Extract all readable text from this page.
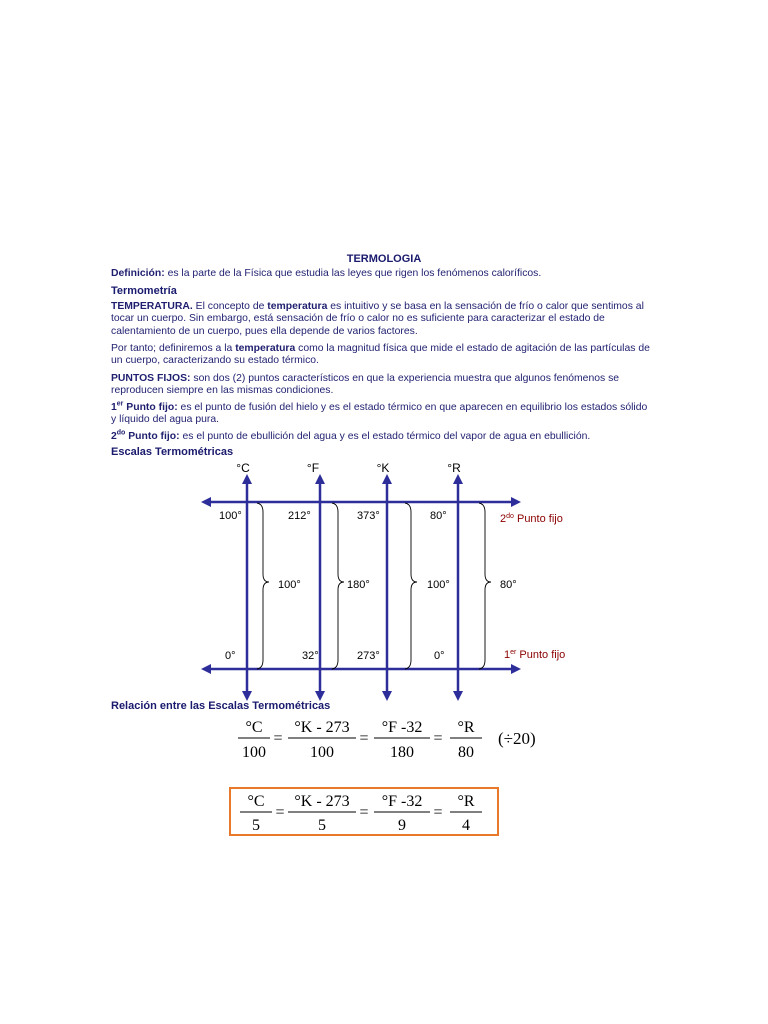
TERMOLOGIA
Definición: es la parte de la Física que estudia las leyes que rigen los fenómenos caloríficos.
Termometría
TEMPERATURA. El concepto de temperatura es intuitivo y se basa en la sensación de frío o calor que sentimos al tocar un cuerpo. Sin embargo, está sensación de frío o calor no es suficiente para caracterizar el estado de calentamiento de un cuerpo, pues ella depende de varios factores.
Por tanto; definiremos a la temperatura como la magnitud física que mide el estado de agitación de las partículas de un cuerpo, caracterizando su estado térmico.
PUNTOS FIJOS: son dos (2) puntos característicos en que la experiencia muestra que algunos fenómenos se reproducen siempre en las mismas condiciones.
1er Punto fijo: es el punto de fusión del hielo y es el estado térmico en que aparecen en equilibrio los estados sólido y líquido del agua pura.
$2^{do}$ Punto fijo: es el punto de ebullición del agua y es el estado térmico del vapor de agua en ebullición.
Escalas Termométricas
°C	°F	°K	°R
100°	212°	373°	80°
100°	180°	100°	80°
0°	32°	273°	0°
$2^{do}$ Punto fijo
1er Punto fijo
Relación entre las Escalas Termométricas
°C
100
=
°K - 273
100
=
°F -32
180
=
°R
80
(÷20)
°C
5
=
°K - 273
5
=
°F -32
9
=
°R
4
